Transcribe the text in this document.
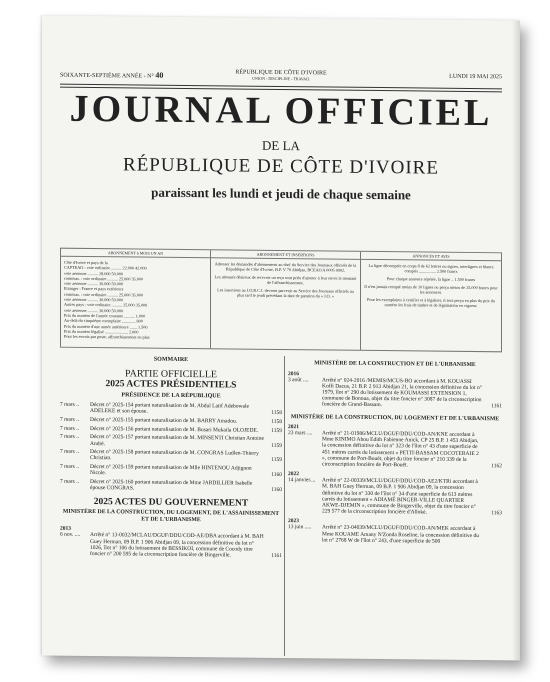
SOIXANTE-SEPTIÈME ANNÉE - N° 40	RÉPUBLIQUE DE CÔTE D'IVOIRE
UNION - DISCIPLINE - TRAVAIL	LUNDI 19 MAI 2025
JOURNAL OFFICIEL
DE LA
RÉPUBLIQUE DE CÔTE D'IVOIRE
paraissant les lundi et jeudi de chaque semaine
ABONNEMENT 6 MOIS UN AN
Côte d'Ivoire et pays de la
CAPTEAO : voie ordinaire .......... 22.000 42.000
voie aérienne .......... 28.000 50.000
commun. : voie ordinaire .......... 25.000 35.000
voie aérienne .......... 30.000 50.000
Etranger : France et pays extérieurs
commun. : voie ordinaire .......... 25.000 35.000
voie aérienne .......... 30.000 50.000
Autres pays : voie ordinaire .......... 25.000 35.000
voie aérienne .......... 30.000 50.000
Prix du numéro de l'année courante .......... 1.000
Au-delà du cinquième exemplaire ............. 800
Prix du numéro d'une année antérieure ....... 1.500
Prix du numéro légalisé ...................... 2.000
Pour les envois par poste, affranchissement en plus
ABONNEMENT ET INSERTIONS

Adresser les demandes d'abonnement au chef du Service des Journaux officiels de la République de Côte d'Ivoire, B.P. V 70 Abidjan, BCEAO A 0005 0002.

Les abonnés désireux de recevoir un reçu sont priés d'ajouter à leur envoi le montant de l'affranchissement.

Les insertions au J.O.R.C.I. devront parvenir au Service des Journaux officiels au plus tard le jeudi précédant la date de parution du « J.O. »

ANNONCES ET AVIS

La ligne décomptée en corps 8 de 62 lettres ou signes, interlignes et blancs compris ................ 2.500 francs

Pour chaque annonce répétée, la ligne .. 1.500 francs

Il n'est jamais compté moins de 10 lignes ou perçu moins de 25.000 francs pour les annonces.

Pour les exemplaires à certifier et à légaliser, il sera perçu en plus du prix du numéro les frais de timbre et de légalisation en vigueur.

SOMMAIRE
PARTIE OFFICIELLE
2025 ACTES PRÉSIDENTIELS
PRÉSIDENCE DE LA RÉPUBLIQUE
7 mars .. Décret n° 2025-154 portant naturalisation de M. Abdul Latif Adebowale ADELEKE et son épouse.	1158
7 mars .. Décret n° 2025-155 portant naturalisation de M. BARRY Amadou.	1158
7 mars .. Décret n° 2025-156 portant naturalisation de M. Busari Mukaila OLOJEDE. 1159
7 mars .. Décret n° 2025-157 portant naturalisation de M. MINSENTI Christian Antoine André.	1159
7 mars .. Décret n° 2025-158 portant naturalisation de M. CONGRAS Ludlen-Thierry Christian.	1159
7 mars .. Décret n° 2025-159 portant naturalisation de Mlle HINTENOU Adjignon Nicole.	1160
7 mars .. Décret n° 2025-160 portant naturalisation de Mme JARDILLIER Isabelle épouse CONGRAS.	1160
2025 ACTES DU GOUVERNEMENT
MINISTÈRE DE LA CONSTRUCTION, DU LOGEMENT, DE L'ASSAINISSEMENT ET DE L'URBANISME
2013
6 nov. .... Arrêté n° 13-0032/MCLAU/DGUF/DDU/COD-AE/DBA accordant à M. BAH Guey Herman, 09 B.P. 1 906 Abidjan 09, la concession définitive du lot n° 1026, îlot n° 106 du lotissement de BESSIKOI, commune de Cocody titre foncier n° 200 595 de la circonscription foncière de Bingerville.	1161
MINISTÈRE DE LA CONSTRUCTION ET DE L'URBANISME
2016
3 août .... Arrêté n° 024-2016 /MEMIS/MCUS-BO accordant à M. KOUASSI Koffi Dacus, 21 B.P. 2 913 Abidjan 21, la concession définitive du lot n° 1979, îlot n° 290 du lotissement de KOUMASSI EXTENSION 1, commune de Bonoua, objet du titre foncier n° 3087 de la circonscription foncière de Grand-Bassam.	1161
MINISTÈRE DE LA CONSTRUCTION, DU LOGEMENT ET DE L'URBANISME
2021
23 mars .... Arrêté n° 21-01986/MCLU/DGUF/DDU/COD-AN/KNE accordant à Mme KINIMO Ahou Edith Fabienne Anick, CP 25 B.P. 1 453 Abidjan, la concession définitive du lot n° 323 de l'îlot n° 43 d'une superficie de 451 mètres carrés du lotissement « PETIT-BASSAM COCOTERAIE 2 », commune de Port-Bouët, objet du titre foncier n° 210 339 de la circonscription foncière de Port-Bouët.	1162
2022
14 janvier.... Arrêté n° 22-00339/MCLU/DGUF/DDU/COD-AE2/KTRi accordant à M. BAH Guey Herman, 09 B.P. 1 906 Abidjan 09, la concession définitive du lot n° 330 de l'îlot n° 34 d'une superficie de 613 mètres carrés du lotissement « ADIAMÉ BINGER-VILLE QUARTIER AKWE-DJEMIN », commune de Bingerville, objet du titre foncier n° 229 577 de la circonscription foncière d'Alloké.	1163
2023
13 juin ..... Arrêté n° 23-04039/MCLU/DGUF/DDU/COD-AN/MEK accordant à Mme KOUAME Amany N'Zonda Roseline, la concession définitive du lot n° 2768 W de l'îlot n° 243, d'une superficie de 500
